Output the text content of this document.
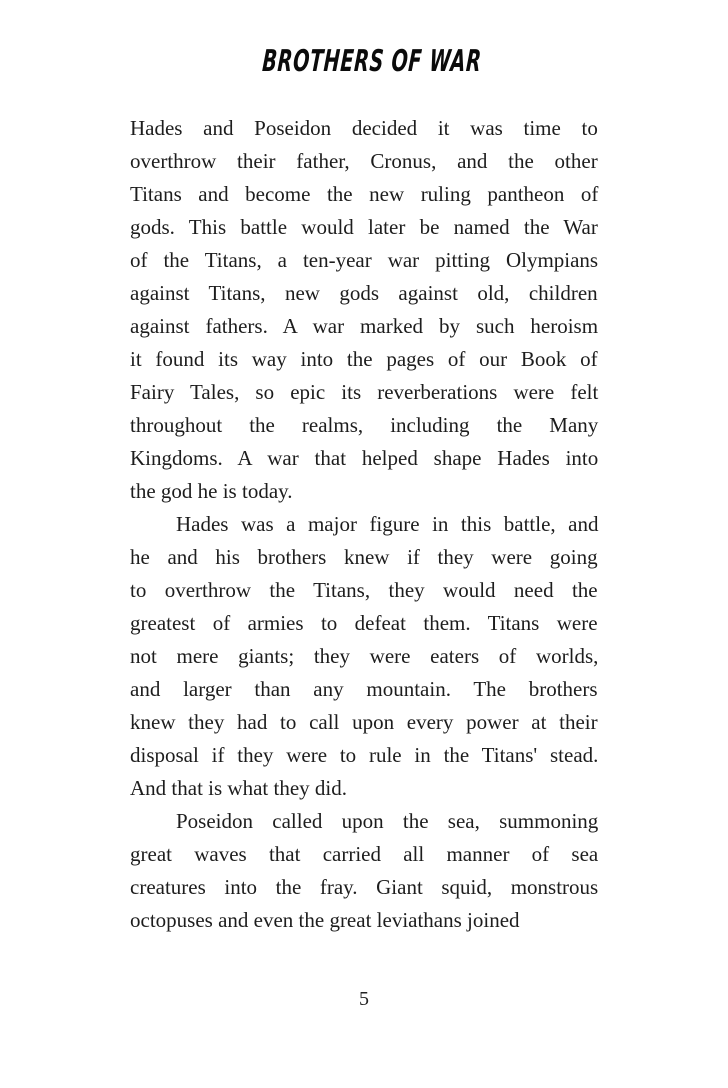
BROTHERS OF WAR
Hades and Poseidon decided it was time to
overthrow their father, Cronus, and the other
Titans and become the new ruling pantheon of
gods. This battle would later be named the War
of the Titans, a ten-year war pitting Olympians
against Titans, new gods against old, children
against fathers. A war marked by such heroism
it found its way into the pages of our Book of
Fairy Tales, so epic its reverberations were felt
throughout the realms, including the Many
Kingdoms. A war that helped shape Hades into
the god he is today.
Hades was a major figure in this battle, and
he and his brothers knew if they were going
to overthrow the Titans, they would need the
greatest of armies to defeat them. Titans were
not mere giants; they were eaters of worlds,
and larger than any mountain. The brothers
knew they had to call upon every power at their
disposal if they were to rule in the Titans' stead.
And that is what they did.
Poseidon called upon the sea, summoning
great waves that carried all manner of sea
creatures into the fray. Giant squid, monstrous
octopuses and even the great leviathans joined
5
